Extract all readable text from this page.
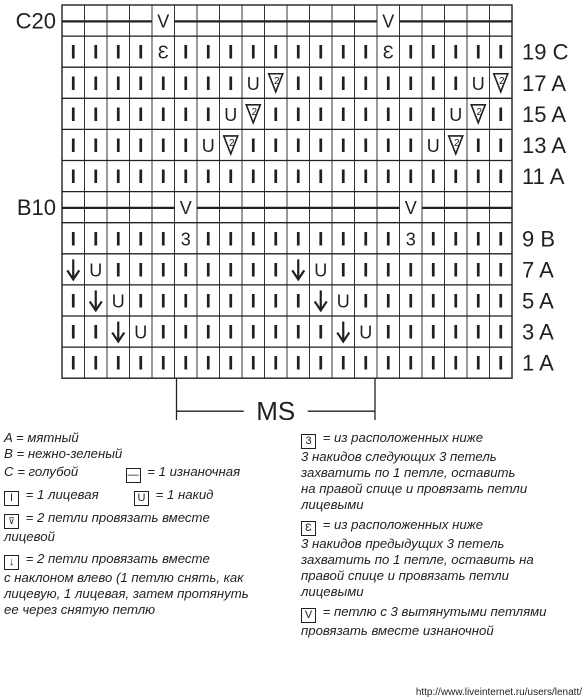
— — — — V — — — — — — — — — V — — — — —
I I I I Ɛ I I I I I I I I I Ɛ I I I I I
I I I I I I I I U 2 I I I I I I I I U 2
I I I I I I I U 2 I I I I I I I I U 2 I
I I I I I I U 2 I I I I I I I I U 2 I I
I I I I I I I I I I I I I I I I I I I I
— — — — — V — — — — — — — — — V — — — —
I I I I I 3 I I I I I I I I I 3 I I I I
U I I I I I I I I U I I I I I I I I
I U I I I I I I I I U I I I I I I I
I I U I I I I I I I I U I I I I I I
I I I I I I I I I I I I I I I I I I I I
C20
19 C
17 A
15 A
13 A
11 A
B10
9 B
7 A
5 A
3 A
1 A
MS

A = мятный

B = нежно-зеленый

C = голубой	— = 1 изнаночная

I = 1 лицевая	U = 1 накид

⊽ = 2 петли провязать вместе

лицевой

↓ = 2 петли провязать вместе

с наклоном влево (1 петлю снять, как

лицевую, 1 лицевая, затем протянуть

ее через снятую петлю

3 = из расположенных ниже

3 накидов следующих 3 петель

захватить по 1 петле, оставить

на правой спице и провязать петли

лицевыми

Ɛ = из расположенных ниже

3 накидов предыдущих 3 петель

захватить по 1 петле, оставить на

правой спице и провязать петли

лицевыми

V = петлю с 3 вытянутыми петлями

провязать вместе изнаночной

http://www.liveinternet.ru/users/lenatt/
